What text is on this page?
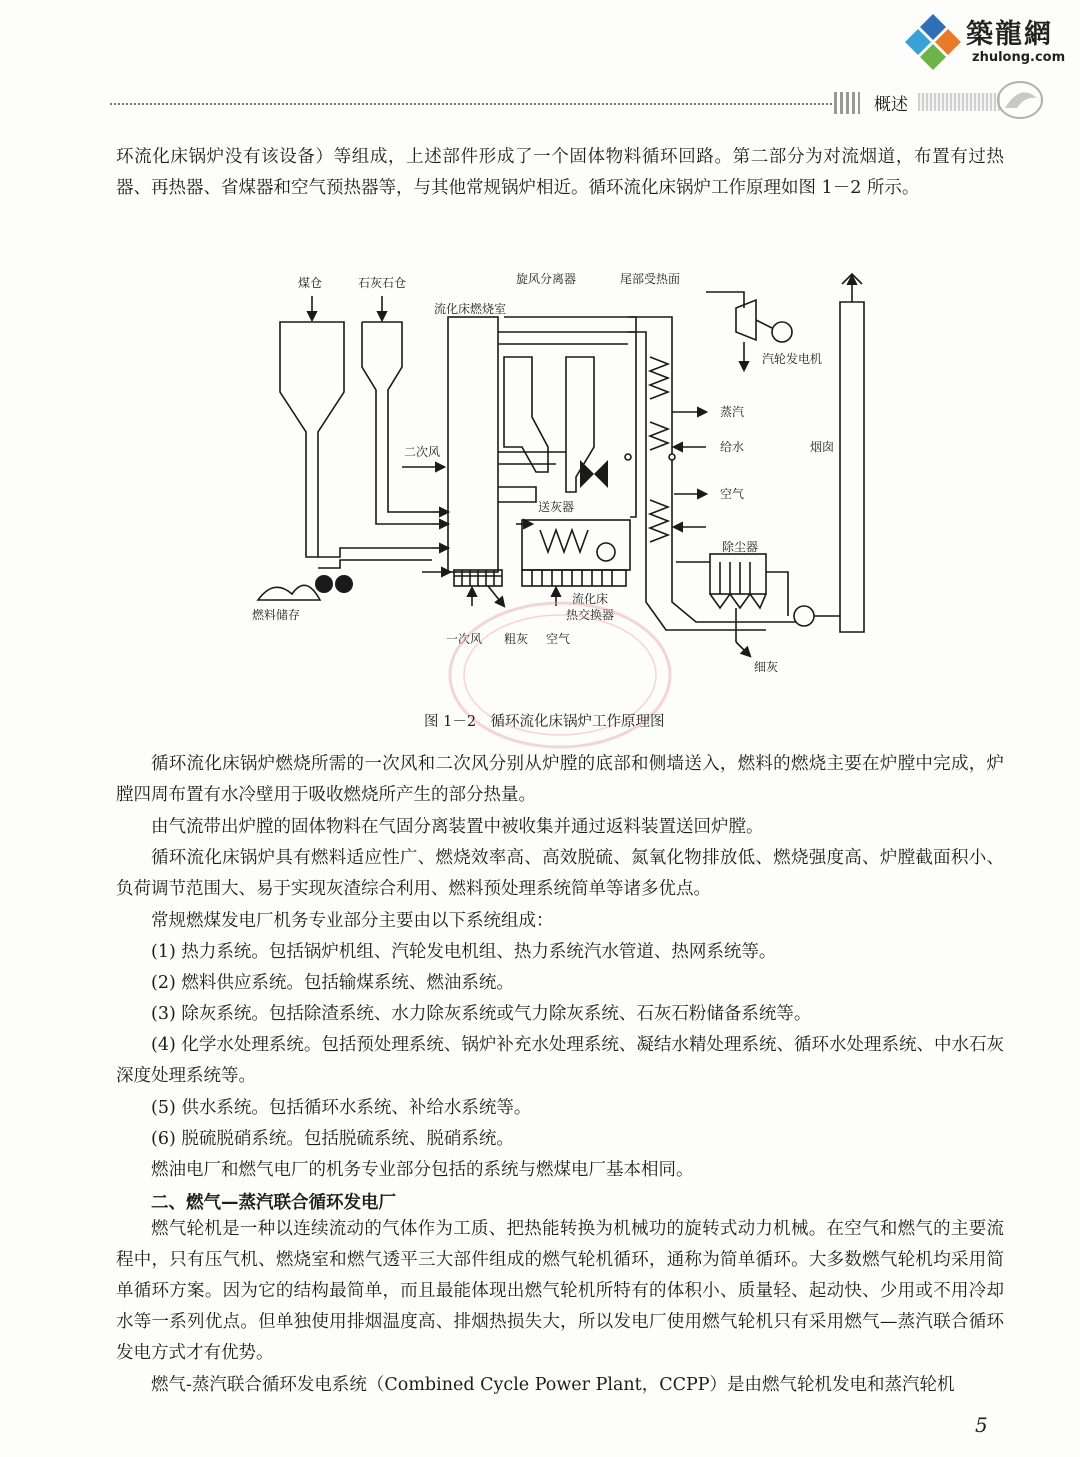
築龍網
zhulong.com
概述

环流化床锅炉没有该设备）等组成，上述部件形成了一个固体物料循环回路。第二部分为对流烟道，布置有过热器、再热器、省煤器和空气预热器等，与其他常规锅炉相近。循环流化床锅炉工作原理如图 1－2 所示。

煤仓	石灰石仓
流化床燃烧室
旋风分离器	尾部受热面
汽轮发电机
二次风
蒸汽
给水	烟囱
空气
送灰器
除尘器
燃料储存
流化床
热交换器
一次风 粗灰 空气
细灰
图 1－2　循环流化床锅炉工作原理图

循环流化床锅炉燃烧所需的一次风和二次风分别从炉膛的底部和侧墙送入，燃料的燃烧主要在炉膛中完成，炉膛四周布置有水冷壁用于吸收燃烧所产生的部分热量。

由气流带出炉膛的固体物料在气固分离装置中被收集并通过返料装置送回炉膛。

循环流化床锅炉具有燃料适应性广、燃烧效率高、高效脱硫、氮氧化物排放低、燃烧强度高、炉膛截面积小、负荷调节范围大、易于实现灰渣综合利用、燃料预处理系统简单等诸多优点。

常规燃煤发电厂机务专业部分主要由以下系统组成：

(1) 热力系统。包括锅炉机组、汽轮发电机组、热力系统汽水管道、热网系统等。

(2) 燃料供应系统。包括输煤系统、燃油系统。

(3) 除灰系统。包括除渣系统、水力除灰系统或气力除灰系统、石灰石粉储备系统等。

(4) 化学水处理系统。包括预处理系统、锅炉补充水处理系统、凝结水精处理系统、循环水处理系统、中水石灰深度处理系统等。

(5) 供水系统。包括循环水系统、补给水系统等。

(6) 脱硫脱硝系统。包括脱硫系统、脱硝系统。

燃油电厂和燃气电厂的机务专业部分包括的系统与燃煤电厂基本相同。

二、燃气—蒸汽联合循环发电厂

燃气轮机是一种以连续流动的气体作为工质、把热能转换为机械功的旋转式动力机械。在空气和燃气的主要流程中，只有压气机、燃烧室和燃气透平三大部件组成的燃气轮机循环，通称为简单循环。大多数燃气轮机均采用简单循环方案。因为它的结构最简单，而且最能体现出燃气轮机所特有的体积小、质量轻、起动快、少用或不用冷却水等一系列优点。但单独使用排烟温度高、排烟热损失大，所以发电厂使用燃气轮机只有采用燃气—蒸汽联合循环发电方式才有优势。

燃气-蒸汽联合循环发电系统（Combined Cycle Power Plant，CCPP）是由燃气轮机发电和蒸汽轮机

5
